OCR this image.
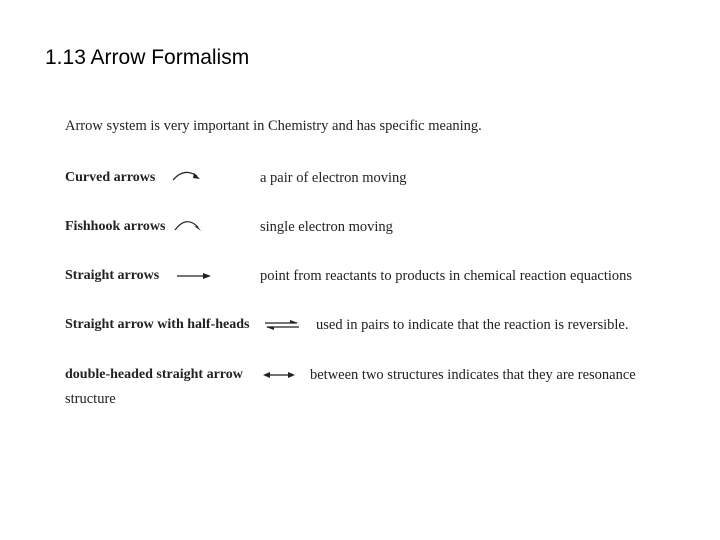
1.13 Arrow Formalism
Arrow system is very important in Chemistry and has specific meaning.
Curved arrows	a pair of electron moving
Fishhook arrows	single electron moving
Straight arrows	point from reactants to products in chemical reaction equactions
Straight arrow with half-heads	used in pairs to indicate that the reaction is reversible.
double-headed straight arrow	between two structures indicates that they are resonance
structure
